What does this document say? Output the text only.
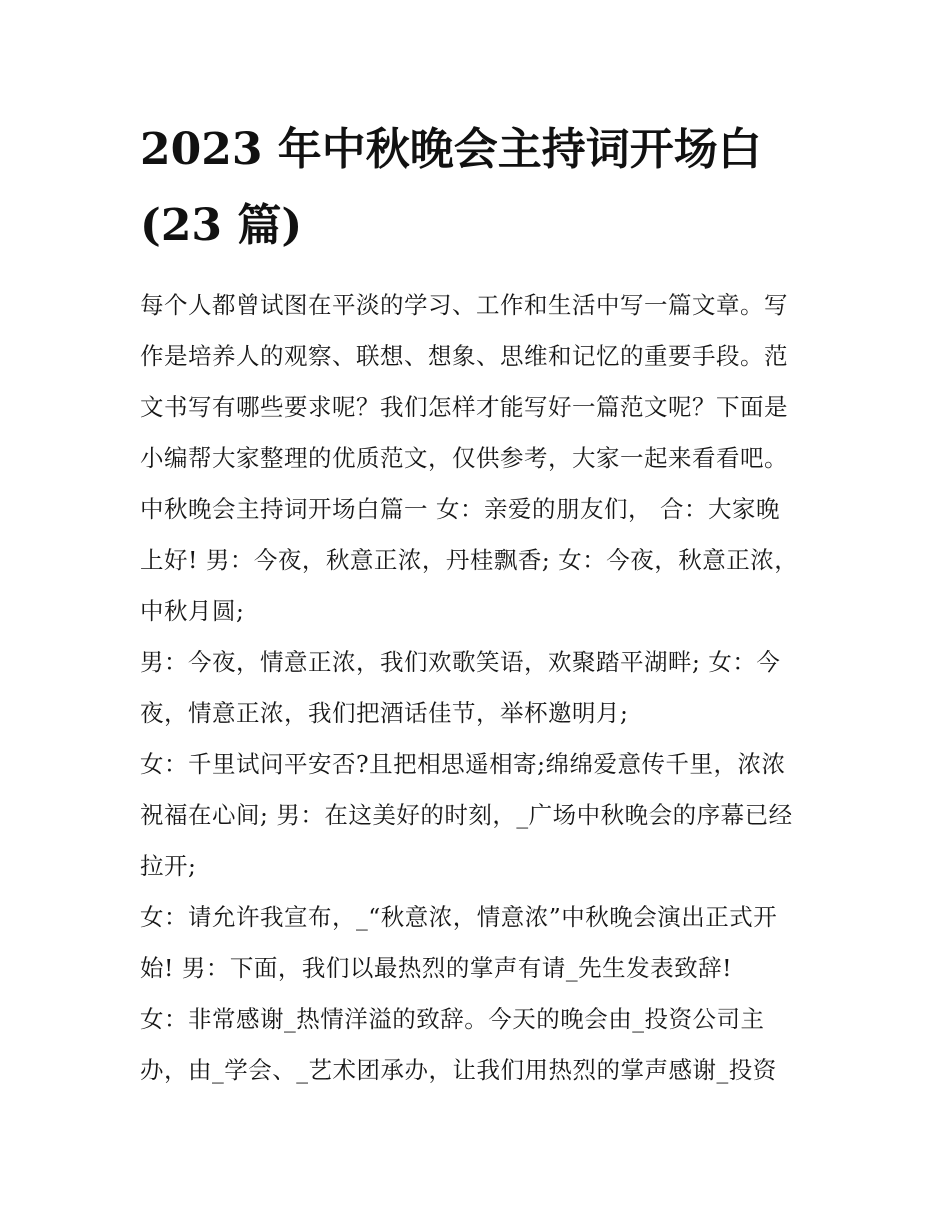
2023 年中秋晚会主持词开场白
(23 篇)
每个人都曾试图在平淡的学习、工作和生活中写一篇文章。写
作是培养人的观察、联想、想象、思维和记忆的重要手段。范
文书写有哪些要求呢？我们怎样才能写好一篇范文呢？下面是
小编帮大家整理的优质范文，仅供参考，大家一起来看看吧。
中秋晚会主持词开场白篇一 女：亲爱的朋友们， 合：大家晚
上好! 男：今夜，秋意正浓，丹桂飘香; 女：今夜，秋意正浓，
中秋月圆;
男：今夜，情意正浓，我们欢歌笑语，欢聚踏平湖畔; 女：今
夜，情意正浓，我们把酒话佳节，举杯邀明月;
女：千里试问平安否?且把相思遥相寄;绵绵爱意传千里，浓浓
祝福在心间; 男：在这美好的时刻，_广场中秋晚会的序幕已经
拉开;
女：请允许我宣布，_“秋意浓，情意浓”中秋晚会演出正式开
始! 男：下面，我们以最热烈的掌声有请_先生发表致辞!
女：非常感谢_热情洋溢的致辞。今天的晚会由_投资公司主
办，由_学会、_艺术团承办，让我们用热烈的掌声感谢_投资
